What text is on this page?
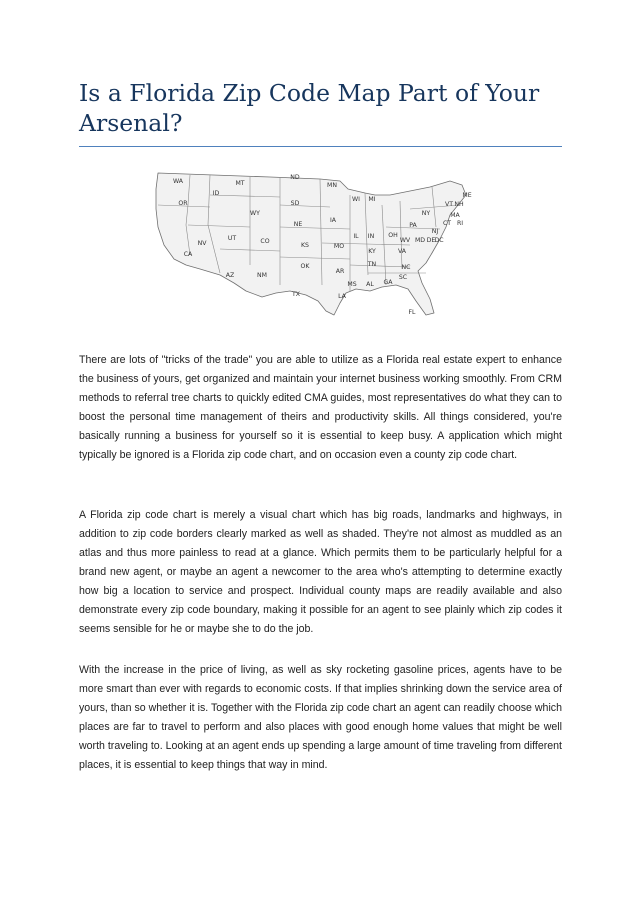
Is a Florida Zip Code Map Part of Your Arsenal?
WA
OR
CA
ID
NV
MT
WY
UT
AZ
CO
NM
ND
SD
NE
KS
OK
TX
MN
IA
MO
AR
LA
WI MI
IL IN OH
KY
TN
MS AL GA
FL
SC
NC
VA
WV
PA
NY
ME
VT NH
MA
CT RI
NJ
DE
MD DC

There are lots of "tricks of the trade" you are able to utilize as a Florida real estate expert to enhance the business of yours, get organized and maintain your internet business working smoothly. From CRM methods to referral tree charts to quickly edited CMA guides, most representatives do what they can to boost the personal time management of theirs and productivity skills. All things considered, you're basically running a business for yourself so it is essential to keep busy. A application which might typically be ignored is a Florida zip code chart, and on occasion even a county zip code chart.

A Florida zip code chart is merely a visual chart which has big roads, landmarks and highways, in addition to zip code borders clearly marked as well as shaded. They're not almost as muddled as an atlas and thus more painless to read at a glance. Which permits them to be particularly helpful for a brand new agent, or maybe an agent a newcomer to the area who's attempting to determine exactly how big a location to service and prospect. Individual county maps are readily available and also demonstrate every zip code boundary, making it possible for an agent to see plainly which zip codes it seems sensible for he or maybe she to do the job.

With the increase in the price of living, as well as sky rocketing gasoline prices, agents have to be more smart than ever with regards to economic costs. If that implies shrinking down the service area of yours, than so whether it is. Together with the Florida zip code chart an agent can readily choose which places are far to travel to perform and also places with good enough home values that might be well worth traveling to. Looking at an agent ends up spending a large amount of time traveling from different places, it is essential to keep things that way in mind.
